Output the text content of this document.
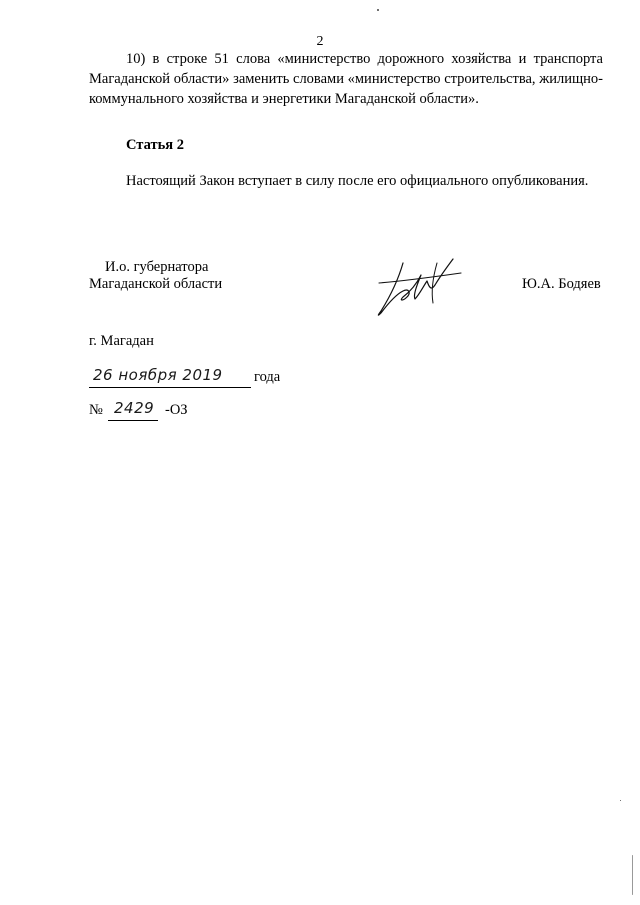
2
10) в строке 51 слова «министерство дорожного хозяйства и транспорта Магаданской области» заменить словами «министерство строительства, жилищно-коммунального хозяйства и энергетики Магаданской области».
Статья 2
Настоящий Закон вступает в силу после его официального опубликования.
И.о. губернатора
Магаданской области	Ю.А. Бодяев
г. Магадан
26 ноября 2019 года
№ 2429 -ОЗ
